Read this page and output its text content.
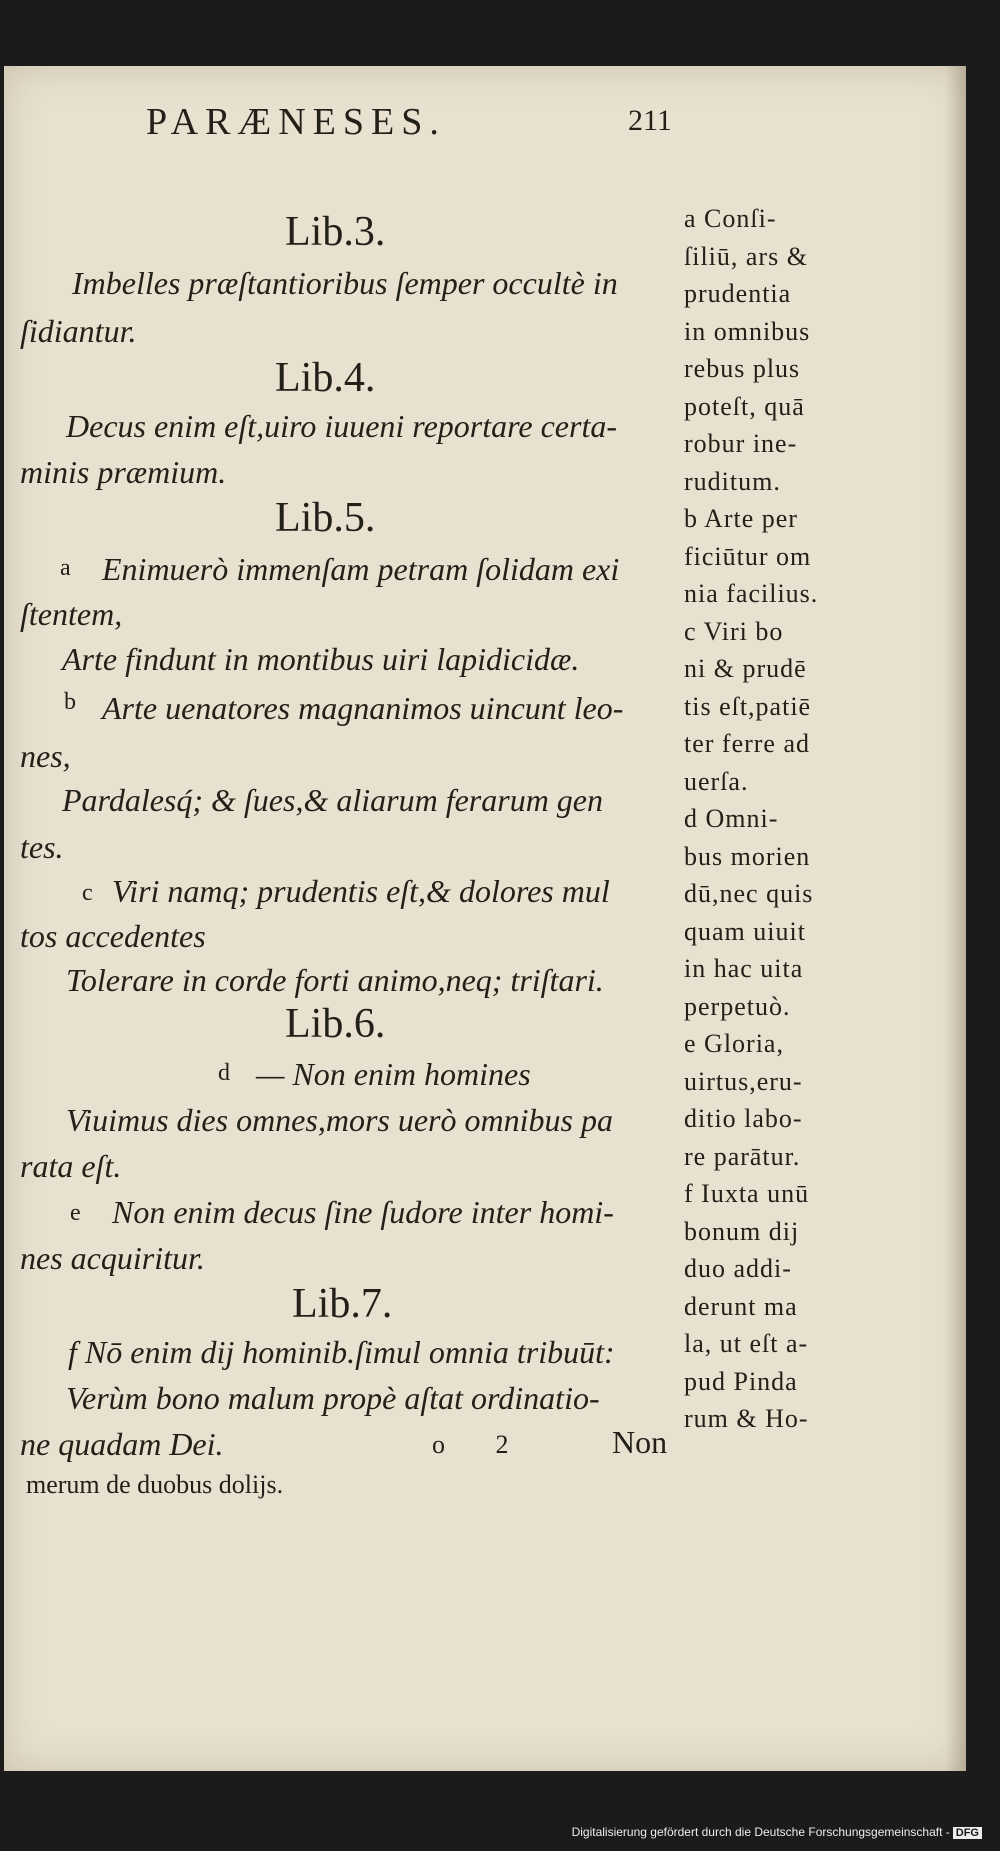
PARÆNESES.	211
Lib.3.
Imbelles præſtantioribus ſemper occultè in
ſidiantur.
Lib.4.
Decus enim eſt,uiro iuueni reportare certa-
minis præmium.
Lib.5.
a Enimuerò immenſam petram ſolidam exi
ſtentem,
Arte findunt in montibus uiri lapidicidæ.
b Arte uenatores magnanimos uincunt leo-
nes,
Pardalesq́; & ſues,& aliarum ferarum gen
tes.
c Viri namq; prudentis eſt,& dolores mul
tos accedentes
Tolerare in corde forti animo,neq; triſtari.
Lib.6.
d — Non enim homines
Viuimus dies omnes,mors uerò omnibus pa
rata eſt.
e Non enim decus ſine ſudore inter homi-
nes acquiritur.
Lib.7.
f Nō enim dij hominib.ſimul omnia tribuūt:
Verùm bono malum propè aſtat ordinatio-
ne quadam Dei.	o 2	Non
merum de duobus dolijs.
a Conſi-
ſiliū, ars &
prudentia
in omnibus
rebus plus
poteſt, quā
robur ine-
ruditum.
b Arte per
ficiūtur om
nia facilius.
c Viri bo
ni & prudē
tis eſt,patiē
ter ferre ad
uerſa.
d Omni-
bus morien
dū,nec quis
quam uiuit
in hac uita
perpetuò.
e Gloria,
uirtus,eru-
ditio labo-
re parātur.
f Iuxta unū
bonum dij
duo addi-
derunt ma
la, ut eſt a-
pud Pinda
rum & Ho-
Digitalisierung gefördert durch die Deutsche Forschungsgemeinschaft - DFG
